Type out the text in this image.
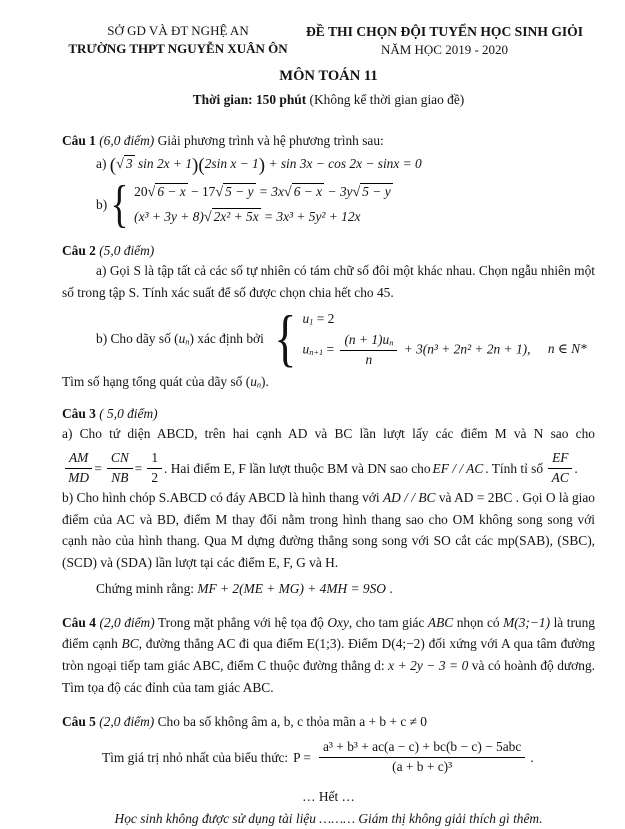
SỞ GD VÀ ĐT NGHỆ AN
TRƯỜNG THPT NGUYỄN XUÂN ÔN
ĐỀ THI CHỌN ĐỘI TUYỂN HỌC SINH GIỎI
NĂM HỌC 2019 - 2020
MÔN TOÁN 11
Thời gian: 150 phút (Không kể thời gian giao đề)
Câu 1 (6,0 điểm) Giải phương trình và hệ phương trình sau:
a) (√ 3 sin 2x + 1)(2sin x − 1) + sin 3x − cos 2x − sinx = 0
b) { 20√ 6 − x − 17√ 5 − y = 3x√ 6 − x − 3y√ 5 − y
(x³ + 3y + 8)√ 2x² + 5x = 3x³ + 5y² + 12x
Câu 2 (5,0 điểm)
a) Gọi S là tập tất cả các số tự nhiên có tám chữ số đôi một khác nhau. Chọn ngẫu nhiên một số trong tập S. Tính xác suất để số được chọn chia hết cho 45.
b) Cho dãy số $(u_n)$ xác định bởi { $u_1 = 2$
$u_{n+1} = \frac{(n + 1)u_n}{n} + 3(n^3 + 2n^2 + 2n + 1)$, n ∈ N*
Tìm số hạng tổng quát của dãy số $(u_n)$.
Câu 3 ( 5,0 điểm)
a) Cho tứ diện ABCD, trên hai cạnh AD và BC lần lượt lấy các điểm M và N sao cho
$\frac{AM}{MD} = \frac{CN}{NB} = \frac{1}{2}$ . Hai điểm E, F lần lượt thuộc BM và DN sao cho EF / / AC . Tính tỉ số $\frac{EF}{AC}$ .
b) Cho hình chóp S.ABCD có đáy ABCD là hình thang với AD / / BC và AD = 2BC . Gọi O là giao điểm của AC và BD, điểm M thay đổi nằm trong hình thang sao cho OM không song song với cạnh nào của hình thang. Qua M dựng đường thẳng song song với SO cắt các mp(SAB), (SBC), (SCD) và (SDA) lần lượt tại các điểm E, F, G và H.
Chứng minh rằng: MF + 2(ME + MG) + 4MH = 9SO .
Câu 4 (2,0 điểm) Trong mặt phẳng với hệ tọa độ Oxy, cho tam giác ABC nhọn có M(3;−1) là trung điểm cạnh BC, đường thẳng AC đi qua điểm E(1;3). Điểm D(4;−2) đối xứng với A qua tâm đường tròn ngoại tiếp tam giác ABC, điểm C thuộc đường thẳng d: x + 2y − 3 = 0 và có hoành độ dương. Tìm tọa độ các đỉnh của tam giác ABC.
Câu 5 (2,0 điểm) Cho ba số không âm a, b, c thỏa mãn a + b + c ≠ 0
Tìm giá trị nhỏ nhất của biểu thức: $P = \frac{\text{a³ + b³ + ac(a − c) + bc(b − c) − 5abc}}{\text{(a + b + c)³}}$ .
… Hết …
Học sinh không được sử dụng tài liệu ……… Giám thị không giải thích gì thêm.
